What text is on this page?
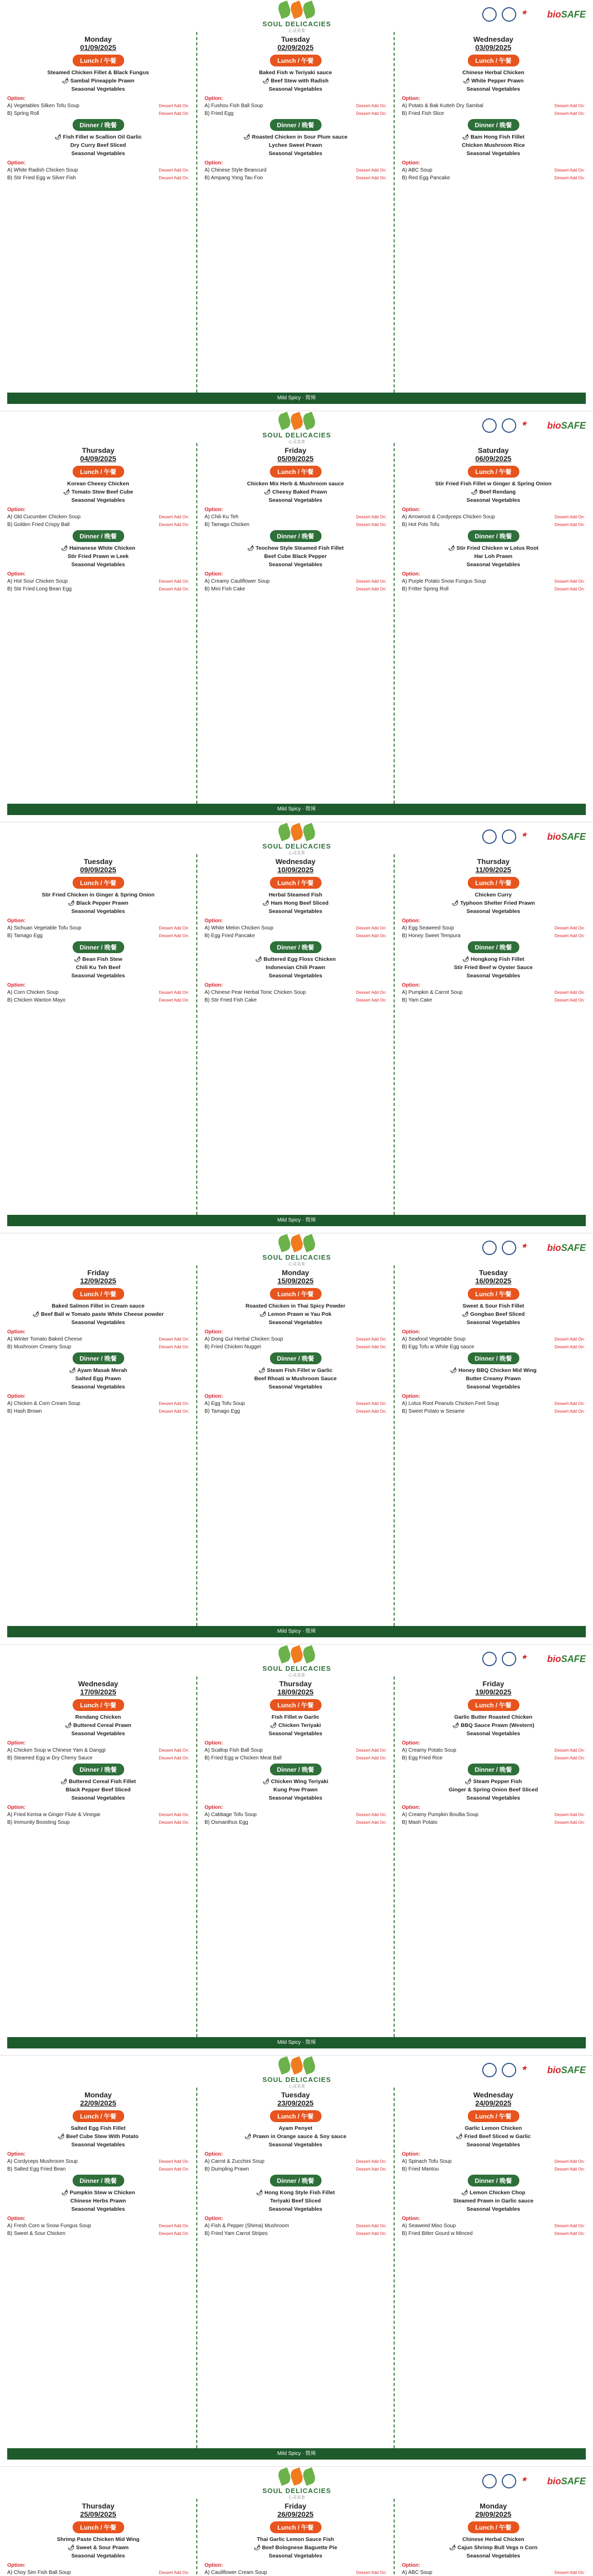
SOUL DELICACIES
心灵美食
★	bioSAFE
Monday
01/09/2025
Lunch / 午餐
Steamed Chicken Fillet & Black Fungus
🌶 Sambal Pineapple Prawn
Seasonal Vegetables
Option:
A) Vegetables Silken Tofu Soup	Dessert Add On:
B) Spring Roll	Dessert Add On:
Dinner / 晚餐
🌶 Fish Fillet w Scallion Oil Garlic
Dry Curry Beef Sliced
Seasonal Vegetables
Option:
A) White Radish Chicken Soup	Dessert Add On:
B) Stir Fried Egg w Silver Fish	Dessert Add On:
Tuesday
02/09/2025
Lunch / 午餐
Baked Fish w Teriyaki sauce
🌶 Beef Stew with Radish
Seasonal Vegetables
Option:
A) Fushou Fish Ball Soup	Dessert Add On:
B) Fried Egg	Dessert Add On:
Dinner / 晚餐
🌶 Roasted Chicken in Sour Plum sauce
Lychee Sweet Prawn
Seasonal Vegetables
Option:
A) Chinese Style Beancurd	Dessert Add On:
B) Ampang Yong Tau Foo	Dessert Add On:
Wednesday
03/09/2025
Lunch / 午餐
Chinese Herbal Chicken
🌶 White Pepper Prawn
Seasonal Vegetables
Option:
A) Potato & Bak Kutteh Dry Sambal	Dessert Add On:
B) Fried Fish Slice	Dessert Add On:
Dinner / 晚餐
🌶 Bam Hong Fish Fillet
Chicken Mushroom Rice
Seasonal Vegetables
Option:
A) ABC Soup	Dessert Add On:
B) Red Egg Pancake	Dessert Add On:
Mild Spicy · 微辣
SOUL DELICACIES
心灵美食
★	bioSAFE
Thursday
04/09/2025
Lunch / 午餐
Korean Cheesy Chicken
🌶 Tomato Stew Beef Cube
Seasonal Vegetables
Option:
A) Old Cucumber Chicken Soup	Dessert Add On:
B) Golden Fried Crispy Ball	Dessert Add On:
Dinner / 晚餐
🌶 Hainanese White Chicken
Stir Fried Prawn w Leek
Seasonal Vegetables
Option:
A) Hot Sour Chicken Soup	Dessert Add On:
B) Stir Fried Long Bean Egg	Dessert Add On:
Friday
05/09/2025
Lunch / 午餐
Chicken Mix Herb & Mushroom sauce
🌶 Cheesy Baked Prawn
Seasonal Vegetables
Option:
A) Chili Ku Teh	Dessert Add On:
B) Tamago Chicken	Dessert Add On:
Dinner / 晚餐
🌶 Teochew Style Steamed Fish Fillet
Beef Cube Black Pepper
Seasonal Vegetables
Option:
A) Creamy Cauliflower Soup	Dessert Add On:
B) Mini Fish Cake	Dessert Add On:
Saturday
06/09/2025
Lunch / 午餐
Stir Fried Fish Fillet w Ginger & Spring Onion
🌶 Beef Rendang
Seasonal Vegetables
Option:
A) Arrowroot & Cordyceps Chicken Soup	Dessert Add On:
B) Hot Pots Tofu	Dessert Add On:
Dinner / 晚餐
🌶 Stir Fried Chicken w Lotus Root
Har Loh Prawn
Seasonal Vegetables
Option:
A) Purple Potato Snow Fungus Soup	Dessert Add On:
B) Fritter Spring Roll	Dessert Add On:
Mild Spicy · 微辣
SOUL DELICACIES
心灵美食
★	bioSAFE
Tuesday
09/09/2025
Lunch / 午餐
Stir Fried Chicken in Ginger & Spring Onion
🌶 Black Pepper Prawn
Seasonal Vegetables
Option:
A) Sichuan Vegetable Tofu Soup	Dessert Add On:
B) Tamago Egg	Dessert Add On:
Dinner / 晚餐
🌶 Bean Fish Stew
Chili Ku Teh Beef
Seasonal Vegetables
Option:
A) Corn Chicken Soup	Dessert Add On:
B) Chicken Wanton Mayo	Dessert Add On:
Wednesday
10/09/2025
Lunch / 午餐
Herbal Steamed Fish
🌶 Ham Hong Beef Sliced
Seasonal Vegetables
Option:
A) White Melon Chicken Soup	Dessert Add On:
B) Egg Fried Pancake	Dessert Add On:
Dinner / 晚餐
🌶 Buttered Egg Floss Chicken
Indonesian Chili Prawn
Seasonal Vegetables
Option:
A) Chinese Pear Herbal Tonic Chicken Soup	Dessert Add On:
B) Stir Fried Fish Cake	Dessert Add On:
Thursday
11/09/2025
Lunch / 午餐
Chicken Curry
🌶 Typhoon Shelter Fried Prawn
Seasonal Vegetables
Option:
A) Egg Seaweed Soup	Dessert Add On:
B) Honey Sweet Tempura	Dessert Add On:
Dinner / 晚餐
🌶 Hongkong Fish Fillet
Stir Fried Beef w Oyster Sauce
Seasonal Vegetables
Option:
A) Pumpkin & Carrot Soup	Dessert Add On:
B) Yam Cake	Dessert Add On:
Mild Spicy · 微辣
SOUL DELICACIES
心灵美食
★	bioSAFE
Friday
12/09/2025
Lunch / 午餐
Baked Salmon Fillet in Cream sauce
🌶 Beef Ball w Tomato paste White Cheese powder
Seasonal Vegetables
Option:
A) Winter Tomato Baked Cheese	Dessert Add On:
B) Mushroom Creamy Soup	Dessert Add On:
Dinner / 晚餐
🌶 Ayam Masak Merah
Salted Egg Prawn
Seasonal Vegetables
Option:
A) Chicken & Corn Cream Soup	Dessert Add On:
B) Hash Brown	Dessert Add On:
Monday
15/09/2025
Lunch / 午餐
Roasted Chicken in Thai Spicy Powder
🌶 Lemon Prawn w Yau Pok
Seasonal Vegetables
Option:
A) Dong Gui Herbal Chicken Soup	Dessert Add On:
B) Fried Chicken Nugget	Dessert Add On:
Dinner / 晚餐
🌶 Steam Fish Fillet w Garlic
Beef Rhoati w Mushroom Sauce
Seasonal Vegetables
Option:
A) Egg Tofu Soup	Dessert Add On:
B) Tamago Egg	Dessert Add On:
Tuesday
16/09/2025
Lunch / 午餐
Sweet & Sour Fish Fillet
🌶 Gongbao Beef Sliced
Seasonal Vegetables
Option:
A) Seafood Vegetable Soup	Dessert Add On:
B) Egg Tofu w White Egg sauce	Dessert Add On:
Dinner / 晚餐
🌶 Honey BBQ Chicken Mid Wing
Butter Creamy Prawn
Seasonal Vegetables
Option:
A) Lotus Root Peanuts Chicken Feet Soup	Dessert Add On:
B) Sweet Potato w Sesame	Dessert Add On:
Mild Spicy · 微辣
SOUL DELICACIES
心灵美食
★	bioSAFE
Wednesday
17/09/2025
Lunch / 午餐
Rendang Chicken
🌶 Buttered Cereal Prawn
Seasonal Vegetables
Option:
A) Chicken Soup w Chinese Yam & Danggi	Dessert Add On:
B) Steamed Egg w Dry Cherry Sauce	Dessert Add On:
Dinner / 晚餐
🌶 Buttered Cereal Fish Fillet
Black Pepper Beef Sliced
Seasonal Vegetables
Option:
A) Fried Kerisa w Ginger Flute & Vinegar	Dessert Add On:
B) Immunity Boosting Soup	Dessert Add On:
Thursday
18/09/2025
Lunch / 午餐
Fish Fillet w Garlic
🌶 Chicken Teriyaki
Seasonal Vegetables
Option:
A) Scallop Fish Ball Soup	Dessert Add On:
B) Fried Egg w Chicken Meat Ball	Dessert Add On:
Dinner / 晚餐
🌶 Chicken Wing Teriyaki
Kung Pow Prawn
Seasonal Vegetables
Option:
A) Cabbage Tofu Soup	Dessert Add On:
B) Osmanthus Egg	Dessert Add On:
Friday
19/09/2025
Lunch / 午餐
Garlic Butter Roasted Chicken
🌶 BBQ Sauce Prawn (Western)
Seasonal Vegetables
Option:
A) Creamy Potato Soup	Dessert Add On:
B) Egg Fried Rice	Dessert Add On:
Dinner / 晚餐
🌶 Steam Pepper Fish
Ginger & Spring Onion Beef Sliced
Seasonal Vegetables
Option:
A) Creamy Pumpkin Boullia Soup	Dessert Add On:
B) Mash Potato	Dessert Add On:
Mild Spicy · 微辣
SOUL DELICACIES
心灵美食
★	bioSAFE
Monday
22/09/2025
Lunch / 午餐
Salted Egg Fish Fillet
🌶 Beef Cube Stew With Potato
Seasonal Vegetables
Option:
A) Cordyceps Mushroom Soup	Dessert Add On:
B) Salted Egg Fried Bean	Dessert Add On:
Dinner / 晚餐
🌶 Pumpkin Stew w Chicken
Chinese Herbs Prawn
Seasonal Vegetables
Option:
A) Fresh Corn w Snow Fungus Soup	Dessert Add On:
B) Sweet & Sour Chicken	Dessert Add On:
Tuesday
23/09/2025
Lunch / 午餐
Ayam Penyet
🌶 Prawn in Orange sauce & Soy sauce
Seasonal Vegetables
Option:
A) Carrot & Zucchini Soup	Dessert Add On:
B) Dumpling Prawn	Dessert Add On:
Dinner / 晚餐
🌶 Hong Kong Style Fish Fillet
Teriyaki Beef Sliced
Seasonal Vegetables
Option:
A) Fish & Pepper (Shima) Mushroom	Dessert Add On:
B) Fried Yam Carrot Stripes	Dessert Add On:
Wednesday
24/09/2025
Lunch / 午餐
Garlic Lemon Chicken
🌶 Fried Beef Sliced w Garlic
Seasonal Vegetables
Option:
A) Spinach Tofu Soup	Dessert Add On:
B) Fried Mantou	Dessert Add On:
Dinner / 晚餐
🌶 Lemon Chicken Chop
Steamed Prawn in Garlic sauce
Seasonal Vegetables
Option:
A) Seaweed Miso Soup	Dessert Add On:
B) Fried Bitter Gourd w Minced	Dessert Add On:
Mild Spicy · 微辣
SOUL DELICACIES
心灵美食
★	bioSAFE
Thursday
25/09/2025
Lunch / 午餐
Shrimp Paste Chicken Mid Wing
🌶 Sweet & Sour Prawn
Seasonal Vegetables
Option:
A) Choy Sim Fish Ball Soup	Dessert Add On:
Friday
26/09/2025
Lunch / 午餐
Thai Garlic Lemon Sauce Fish
🌶 Beef Bolognese Baguette Pie
Seasonal Vegetables
Option:
A) Cauliflower Cream Soup	Dessert Add On:
Monday
29/09/2025
Lunch / 午餐
Chinese Herbal Chicken
🌶 Cajun Shrimp Bull Vegs n Corn
Seasonal Vegetables
Option:
A) ABC Soup	Dessert Add On:
